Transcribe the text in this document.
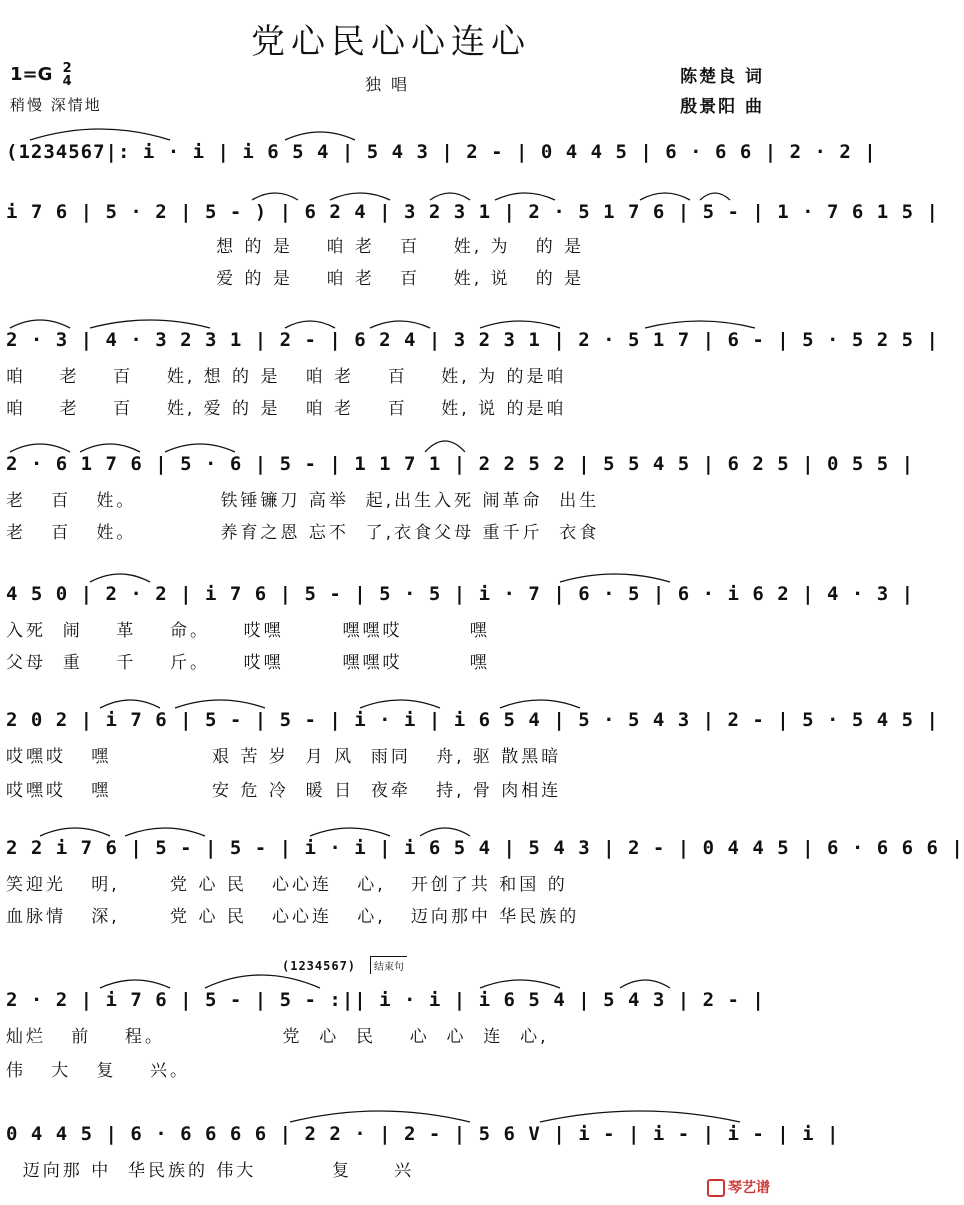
党心民心心连心
独唱
1=G 2
4
稍慢 深情地
陈楚良 词
殷景阳 曲
(1234567|: i · i | i 6 5 4 | 5 4 3 | 2 - | 0 4 4 5 | 6 · 6 6 | 2 · 2 |
i 7 6 | 5 · 2 | 5 - ) | 6 2 4 | 3 2 3 1 | 2 · 5 1 7 6 | 5 - | 1 · 7 6 1 5 |
想 的 是    咱 老   百    姓, 为   的 是
爱 的 是    咱 老   百    姓, 说   的 是
2 · 3 | 4 · 3 2 3 1 | 2 - | 6 2 4 | 3 2 3 1 | 2 · 5 1 7 | 6 - | 5 · 5 2 5 |
咱    老    百    姓, 想 的 是   咱 老    百    姓, 为 的是咱
咱    老    百    姓, 爱 的 是   咱 老    百    姓, 说 的是咱
2 · 6 1 7 6 | 5 · 6 | 5 - | 1 1 7 1 | 2 2 5 2 | 5 5 4 5 | 6 2 5 | 0 5 5 |
老   百   姓。          铁锤镰刀 高举  起,出生入死 闹革命  出生
老   百   姓。          养育之恩 忘不  了,衣食父母 重千斤  衣食
4 5 0 | 2 · 2 | i 7 6 | 5 - | 5 · 5 | i · 7 | 6 · 5 | 6 · i 6 2 | 4 · 3 |
入死  闹    革    命。    哎嘿       嘿嘿哎        嘿
父母  重    千    斤。    哎嘿       嘿嘿哎        嘿
2 0 2 | i 7 6 | 5 - | 5 - | i · i | i 6 5 4 | 5 · 5 4 3 | 2 - | 5 · 5 4 5 |
哎嘿哎   嘿            艰 苦 岁  月 风  雨同   舟, 驱 散黑暗
哎嘿哎   嘿            安 危 冷  暖 日  夜牵   持, 骨 肉相连
2 2 i 7 6 | 5 - | 5 - | i · i | i 6 5 4 | 5 4 3 | 2 - | 0 4 4 5 | 6 · 6 6 6 |
笑迎光   明,      党 心 民   心心连   心,   开创了共 和国 的
血脉情   深,      党 心 民   心心连   心,   迈向那中 华民族的
(1234567)	结束句
2 · 2 | i 7 6 | 5 - | 5 - :|| i · i | i 6 5 4 | 5 4 3 | 2 - |
灿烂   前    程。              党  心  民    心  心  连  心,
伟   大   复    兴。
0 4 4 5 | 6 · 6 6 6 6 | 2 2 · | 2 - | 5 6 V | i - | i - | i - | i |
迈向那 中  华民族的 伟大         复     兴
琴艺谱
